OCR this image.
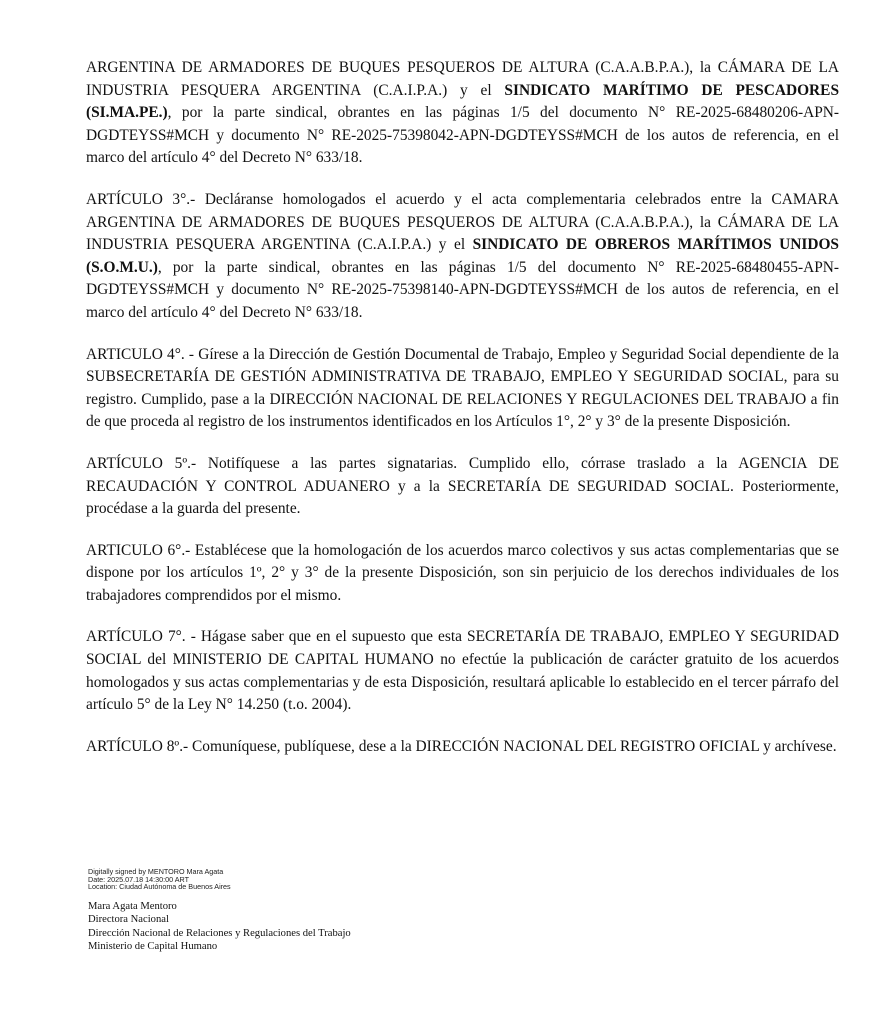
ARGENTINA DE ARMADORES DE BUQUES PESQUEROS DE ALTURA (C.A.A.B.P.A.), la CÁMARA DE LA INDUSTRIA PESQUERA ARGENTINA (C.A.I.P.A.) y el SINDICATO MARÍTIMO DE PESCADORES (SI.MA.PE.), por la parte sindical, obrantes en las páginas 1/5 del documento N° RE-2025-68480206-APN-DGDTEYSS#MCH y documento N° RE-2025-75398042-APN-DGDTEYSS#MCH de los autos de referencia, en el marco del artículo 4° del Decreto N° 633/18.

ARTÍCULO 3°.- Decláranse homologados el acuerdo y el acta complementaria celebrados entre la CAMARA ARGENTINA DE ARMADORES DE BUQUES PESQUEROS DE ALTURA (C.A.A.B.P.A.), la CÁMARA DE LA INDUSTRIA PESQUERA ARGENTINA (C.A.I.P.A.) y el SINDICATO DE OBREROS MARÍTIMOS UNIDOS (S.O.M.U.), por la parte sindical, obrantes en las páginas 1/5 del documento N° RE-2025-68480455-APN-DGDTEYSS#MCH y documento N° RE-2025-75398140-APN-DGDTEYSS#MCH de los autos de referencia, en el marco del artículo 4° del Decreto N° 633/18.

ARTICULO 4°. - Gírese a la Dirección de Gestión Documental de Trabajo, Empleo y Seguridad Social dependiente de la SUBSECRETARÍA DE GESTIÓN ADMINISTRATIVA DE TRABAJO, EMPLEO Y SEGURIDAD SOCIAL, para su registro. Cumplido, pase a la DIRECCIÓN NACIONAL DE RELACIONES Y REGULACIONES DEL TRABAJO a fin de que proceda al registro de los instrumentos identificados en los Artículos 1°, 2° y 3° de la presente Disposición.

ARTÍCULO 5º.- Notifíquese a las partes signatarias. Cumplido ello, córrase traslado a la AGENCIA DE RECAUDACIÓN Y CONTROL ADUANERO y a la SECRETARÍA DE SEGURIDAD SOCIAL. Posteriormente, procédase a la guarda del presente.

ARTICULO 6°.- Establécese que la homologación de los acuerdos marco colectivos y sus actas complementarias que se dispone por los artículos 1º, 2° y 3° de la presente Disposición, son sin perjuicio de los derechos individuales de los trabajadores comprendidos por el mismo.

ARTÍCULO 7°. - Hágase saber que en el supuesto que esta SECRETARÍA DE TRABAJO, EMPLEO Y SEGURIDAD SOCIAL del MINISTERIO DE CAPITAL HUMANO no efectúe la publicación de carácter gratuito de los acuerdos homologados y sus actas complementarias y de esta Disposición, resultará aplicable lo establecido en el tercer párrafo del artículo 5° de la Ley N° 14.250 (t.o. 2004).

ARTÍCULO 8º.- Comuníquese, publíquese, dese a la DIRECCIÓN NACIONAL DEL REGISTRO OFICIAL y archívese.

Digitally signed by MENTORO Mara Agata
Date: 2025.07.18 14:30:00 ART
Location: Ciudad Autónoma de Buenos Aires
Mara Agata Mentoro
Directora Nacional
Dirección Nacional de Relaciones y Regulaciones del Trabajo
Ministerio de Capital Humano
